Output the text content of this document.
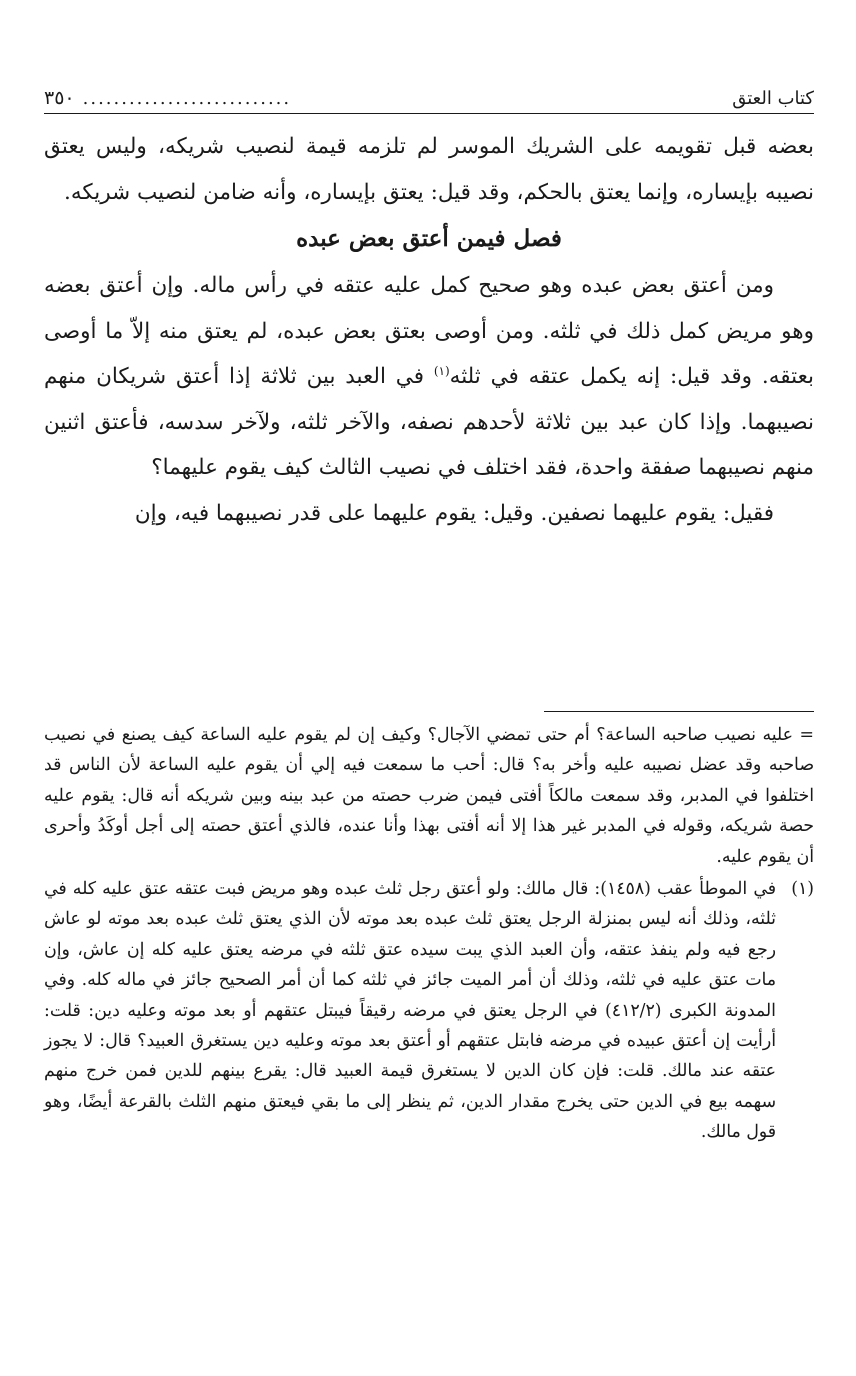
كتاب العتق
...........................
٣٥٠

بعضه قبل تقويمه على الشريك الموسر لم تلزمه قيمة لنصيب شريكه، وليس يعتق نصيبه بإيساره، وإنما يعتق بالحكم، وقد قيل: يعتق بإيساره، وأنه ضامن لنصيب شريكه.

فصل فيمن أعتق بعض عبده

ومن أعتق بعض عبده وهو صحيح كمل عليه عتقه في رأس ماله. وإن أعتق بعضه وهو مريض كمل ذلك في ثلثه. ومن أوصى بعتق بعض عبده، لم يعتق منه إلاّ ما أوصى بعتقه. وقد قيل: إنه يكمل عتقه في ثلثه$^{(١)}$ في العبد بين ثلاثة إذا أعتق شريكان منهم نصيبهما. وإذا كان عبد بين ثلاثة لأحدهم نصفه، والآخر ثلثه، ولآخر سدسه، فأعتق اثنين منهم نصيبهما صفقة واحدة، فقد اختلف في نصيب الثالث كيف يقوم عليهما؟

فقيل: يقوم عليهما نصفين. وقيل: يقوم عليهما على قدر نصيبهما فيه، وإن

= عليه نصيب صاحبه الساعة؟ أم حتى تمضي الآجال؟ وكيف إن لم يقوم عليه الساعة كيف يصنع في نصيب صاحبه وقد عضل نصيبه عليه وأخر به؟ قال: أحب ما سمعت فيه إلي أن يقوم عليه الساعة لأن الناس قد اختلفوا في المدبر، وقد سمعت مالكاً أفتى فيمن ضرب حصته من عبد بينه وبين شريكه أنه قال: يقوم عليه حصة شريكه، وقوله في المدبر غير هذا إلا أنه أفتى بهذا وأنا عنده، فالذي أعتق حصته إلى أجل أوكَدُ وأحرى أن يقوم عليه.

(١)
في الموطأ عقب (١٤٥٨): قال مالك: ولو أعتق رجل ثلث عبده وهو مريض فبت عتقه عتق عليه كله في ثلثه، وذلك أنه ليس بمنزلة الرجل يعتق ثلث عبده بعد موته لأن الذي يعتق ثلث عبده بعد موته لو عاش رجع فيه ولم ينفذ عتقه، وأن العبد الذي يبت سيده عتق ثلثه في مرضه يعتق عليه كله إن عاش، وإن مات عتق عليه في ثلثه، وذلك أن أمر الميت جائز في ثلثه كما أن أمر الصحيح جائز في ماله كله. وفي المدونة الكبرى (٤١٢/٢) في الرجل يعتق في مرضه رقيقاً فيبتل عتقهم أو بعد موته وعليه دين: قلت: أرأيت إن أعتق عبيده في مرضه فابتل عتقهم أو أعتق بعد موته وعليه دين يستغرق العبيد؟ قال: لا يجوز عتقه عند مالك. قلت: فإن كان الدين لا يستغرق قيمة العبيد قال: يقرع بينهم للدين فمن خرج منهم سهمه بيع في الدين حتى يخرج مقدار الدين، ثم ينظر إلى ما بقي فيعتق منهم الثلث بالقرعة أيضًا، وهو قول مالك.
